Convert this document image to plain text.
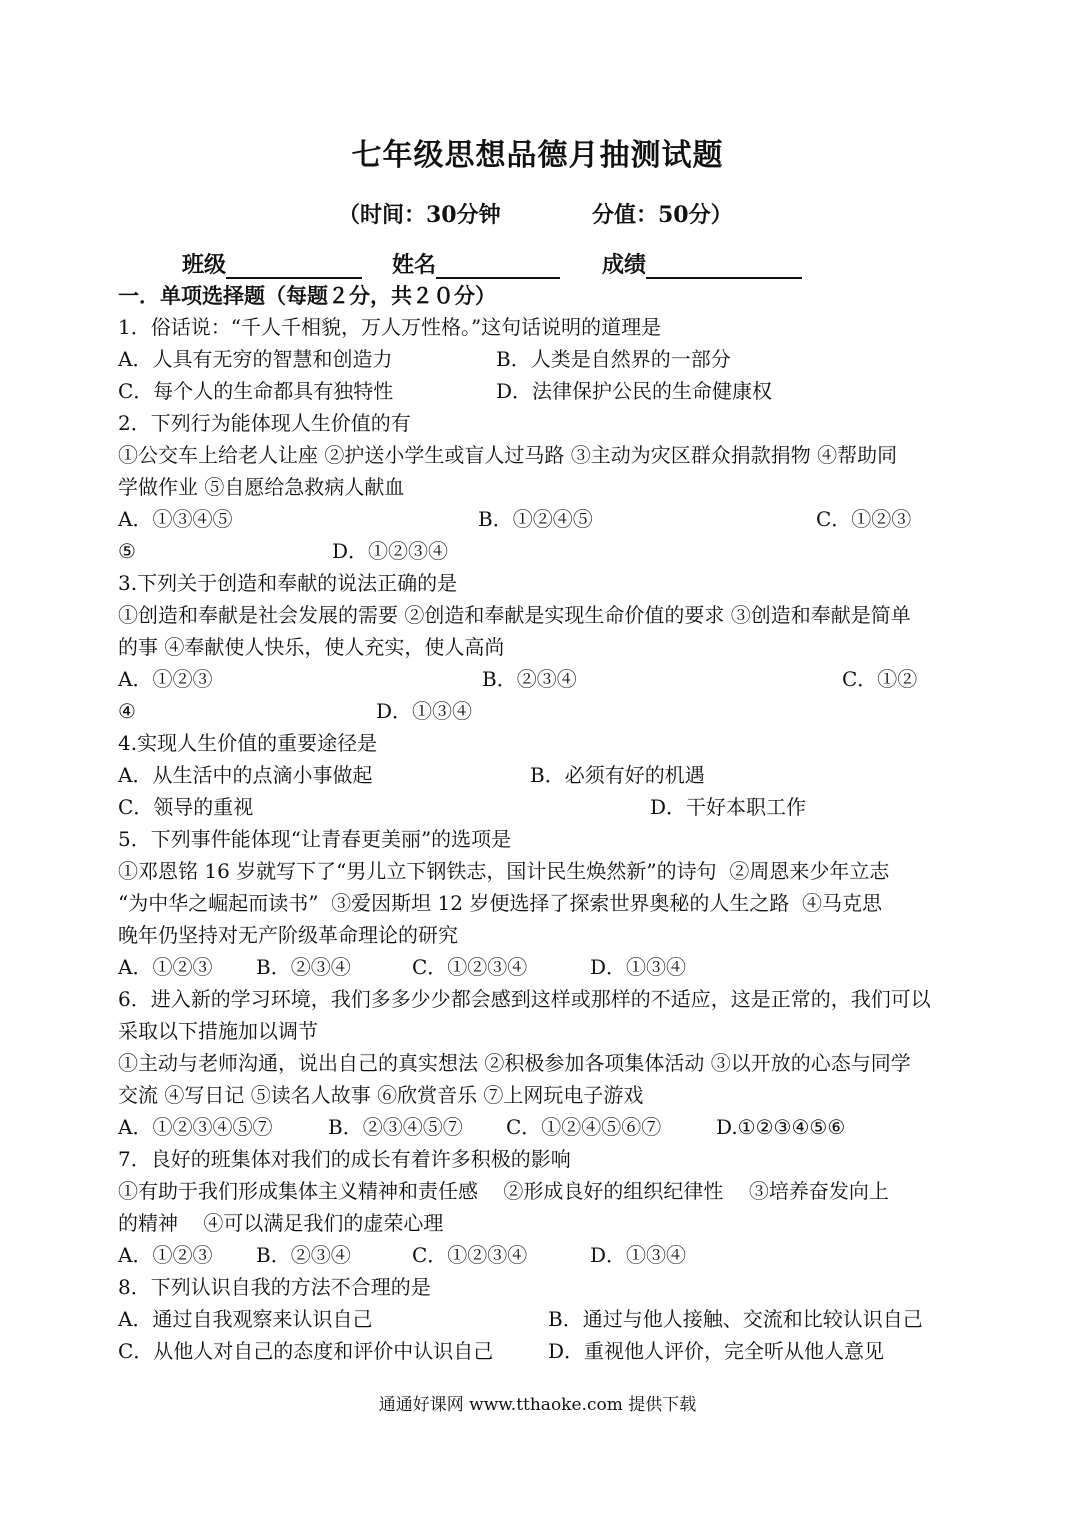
七年级思想品德月抽测试题
（时间：30分钟	分值：50分）
班级	姓名	成绩
一．单项选择题（每题２分，共２０分）
1．俗话说：“千人千相貌，万人万性格。”这句话说明的道理是
A．人具有无穷的智慧和创造力	B．人类是自然界的一部分
C．每个人的生命都具有独特性	D．法律保护公民的生命健康权
2．下列行为能体现人生价值的有
①公交车上给老人让座 ②护送小学生或盲人过马路 ③主动为灾区群众捐款捐物 ④帮助同
学做作业 ⑤自愿给急救病人献血
A．①③④⑤	B．①②④⑤	C．①②③
⑤	D．①②③④
3.下列关于创造和奉献的说法正确的是
①创造和奉献是社会发展的需要 ②创造和奉献是实现生命价值的要求 ③创造和奉献是简单
的事 ④奉献使人快乐，使人充实，使人高尚
A．①②③	B．②③④	C．①②
④	D．①③④
4.实现人生价值的重要途径是
A．从生活中的点滴小事做起	B．必须有好的机遇
C．领导的重视	D．干好本职工作
5．下列事件能体现“让青春更美丽”的选项是
①邓恩铭 16 岁就写下了“男儿立下钢铁志，国计民生焕然新”的诗句  ②周恩来少年立志
“为中华之崛起而读书”  ③爱因斯坦 12 岁便选择了探索世界奥秘的人生之路  ④马克思
晚年仍坚持对无产阶级革命理论的研究
A．①②③ B．②③④	C．①②③④	D．①③④
6．进入新的学习环境，我们多多少少都会感到这样或那样的不适应，这是正常的，我们可以
采取以下措施加以调节
①主动与老师沟通，说出自己的真实想法 ②积极参加各项集体活动 ③以开放的心态与同学
交流 ④写日记 ⑤读名人故事 ⑥欣赏音乐 ⑦上网玩电子游戏
A．①②③④⑤⑦	B．②③④⑤⑦ C．①②④⑤⑥⑦	D.①②③④⑤⑥
7．良好的班集体对我们的成长有着许多积极的影响
①有助于我们形成集体主义精神和责任感    ②形成良好的组织纪律性    ③培养奋发向上
的精神    ④可以满足我们的虚荣心理
A．①②③ B．②③④	C．①②③④	D．①③④
8．下列认识自我的方法不合理的是
A．通过自我观察来认识自己	B．通过与他人接触、交流和比较认识自己
C．从他人对自己的态度和评价中认识自己	D．重视他人评价，完全听从他人意见
通通好课网 www.tthaoke.com 提供下载
